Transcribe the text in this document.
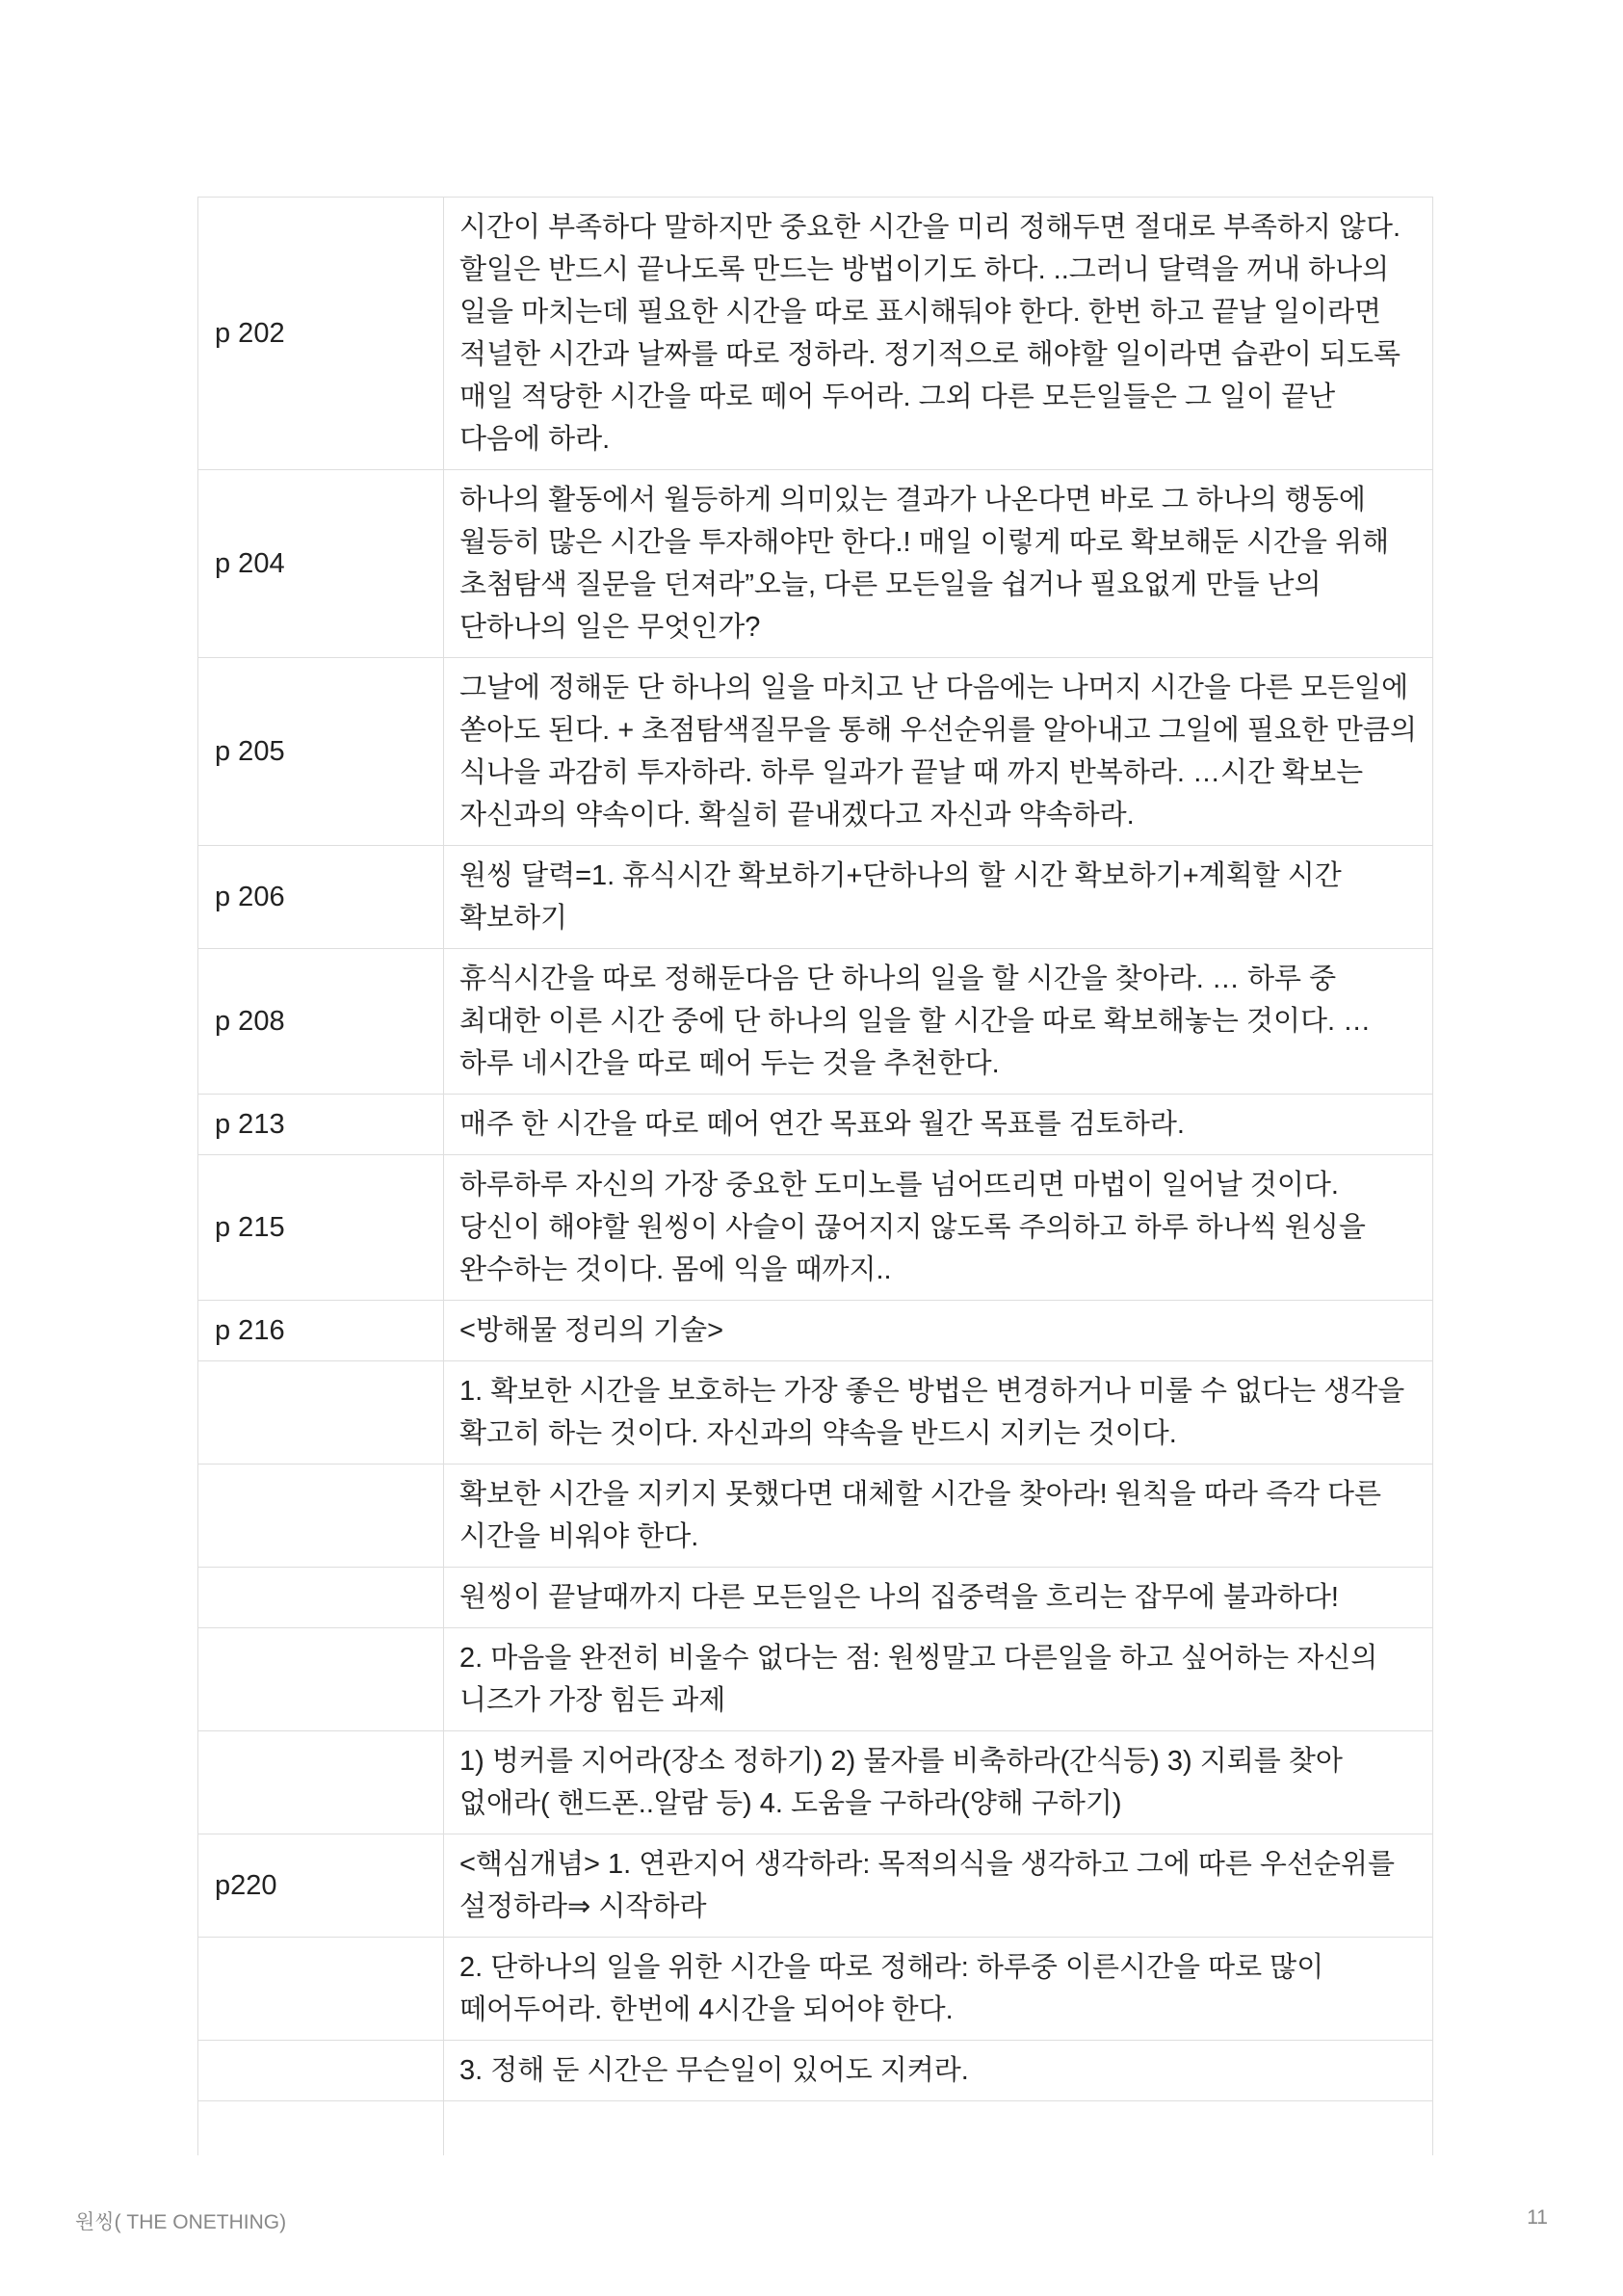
p 202	시간이 부족하다 말하지만 중요한 시간을 미리 정해두면 절대로 부족하지 않다. 할일은 반드시 끝나도록 만드는 방법이기도 하다. ..그러니 달력을 꺼내 하나의 일을 마치는데 필요한 시간을 따로 표시해둬야 한다. 한번 하고 끝날 일이라면 적널한 시간과 날짜를 따로 정하라. 정기적으로 해야할 일이라면 습관이 되도록 매일 적당한 시간을 따로 떼어 두어라. 그외 다른 모든일들은 그 일이 끝난 다음에 하라.
p 204	하나의 활동에서 월등하게 의미있는 결과가 나온다면 바로 그 하나의 행동에 월등히 많은 시간을 투자해야만 한다.! 매일 이렇게 따로 확보해둔 시간을 위해 초첨탐색 질문을 던져라”오늘, 다른 모든일을 쉽거나 필요없게 만들 난의 단하나의 일은 무엇인가?
p 205	그날에 정해둔 단 하나의 일을 마치고 난 다음에는 나머지 시간을 다른 모든일에 쏟아도 된다. + 초점탐색질무을 통해 우선순위를 알아내고 그일에 필요한 만큼의 식나을 과감히 투자하라. 하루 일과가 끝날 때 까지 반복하라. …시간 확보는 자신과의 약속이다. 확실히 끝내겠다고 자신과 약속하라.
p 206	원씽 달력=1. 휴식시간 확보하기+단하나의 할 시간 확보하기+계획할 시간 확보하기
p 208	휴식시간을 따로 정해둔다음 단 하나의 일을 할 시간을 찾아라. … 하루 중 최대한 이른 시간 중에 단 하나의 일을 할 시간을 따로 확보해놓는 것이다. …하루 네시간을 따로 떼어 두는 것을 추천한다.
p 213	매주 한 시간을 따로 떼어 연간 목표와 월간 목표를 검토하라.
p 215	하루하루 자신의 가장 중요한 도미노를 넘어뜨리면 마법이 일어날 것이다. 당신이 해야할 원씽이 사슬이 끊어지지 않도록 주의하고 하루 하나씩 원싱을 완수하는 것이다. 몸에 익을 때까지..
p 216	<방해물 정리의 기술>
	1. 확보한 시간을 보호하는 가장 좋은 방법은 변경하거나 미룰 수 없다는 생각을 확고히 하는 것이다. 자신과의 약속을 반드시 지키는 것이다.
	확보한 시간을 지키지 못했다면 대체할 시간을 찾아라! 원칙을 따라 즉각 다른 시간을 비워야 한다.
	원씽이 끝날때까지 다른 모든일은 나의 집중력을 흐리는 잡무에 불과하다!
	2. 마음을 완전히 비울수 없다는 점: 원씽말고 다른일을 하고 싶어하는 자신의 니즈가 가장 힘든 과제
	1) 벙커를 지어라(장소 정하기) 2) 물자를 비축하라(간식등) 3) 지뢰를 찾아 없애라( 핸드폰..알람 등) 4. 도움을 구하라(양해 구하기)
p220	<핵심개념> 1. 연관지어 생각하라: 목적의식을 생각하고 그에 따른 우선순위를 설정하라⇒ 시작하라
	2. 단하나의 일을 위한 시간을 따로 정해라: 하루중 이른시간을 따로 많이 떼어두어라. 한번에 4시간을 되어야 한다.
	3. 정해 둔 시간은 무슨일이 있어도 지켜라.

원씽( THE ONETHING)	11
